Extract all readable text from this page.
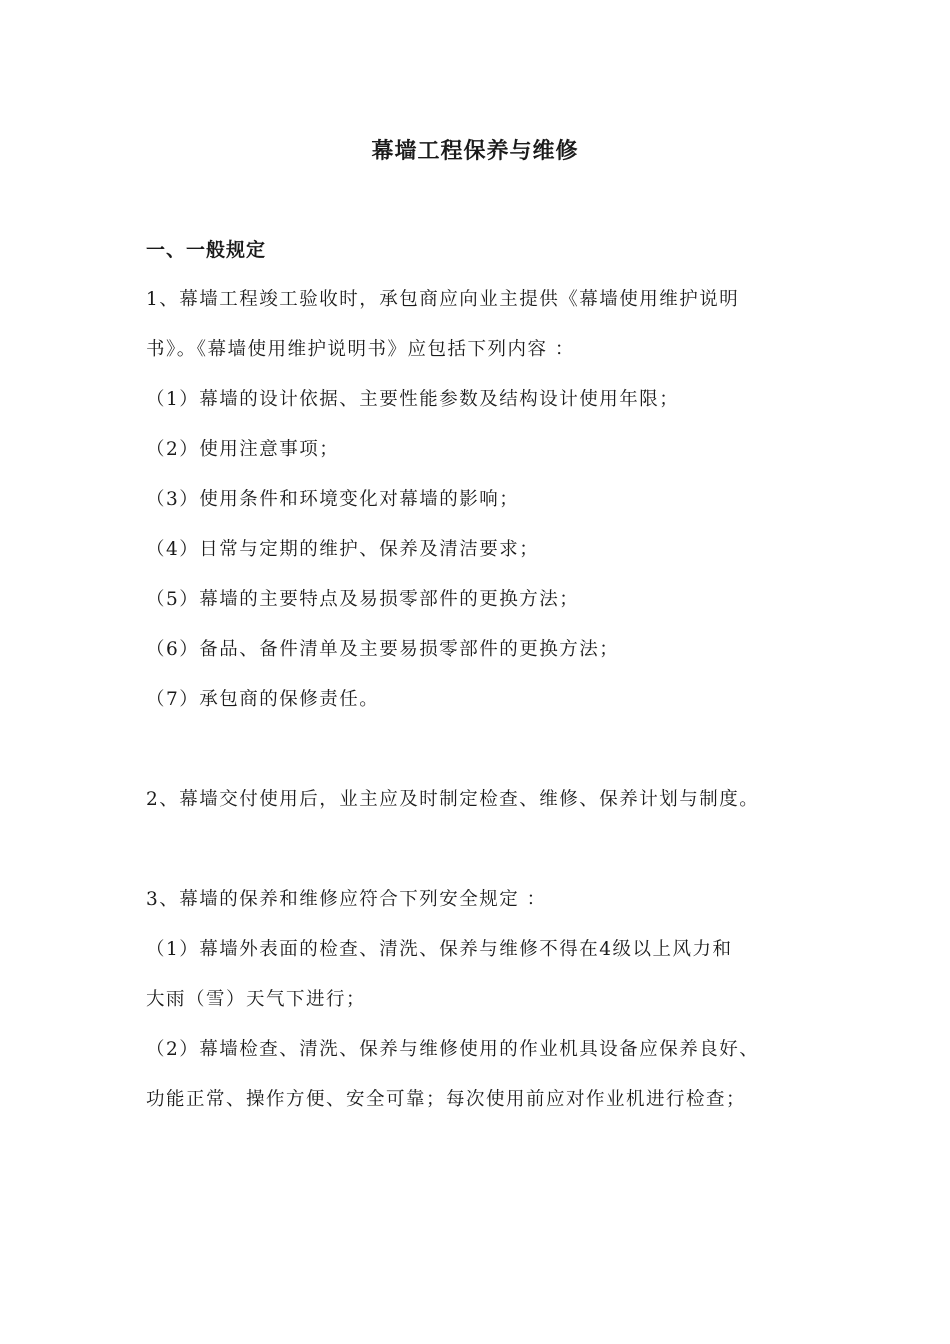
幕墙工程保养与维修
一、一般规定
1、幕墙工程竣工验收时，承包商应向业主提供《幕墙使用维护说明
书》。《幕墙使用维护说明书》应包括下列内容 ：
（1）幕墙的设计依据、主要性能参数及结构设计使用年限；
（2）使用注意事项；
（3）使用条件和环境变化对幕墙的影响；
（4）日常与定期的维护、保养及清洁要求；
（5）幕墙的主要特点及易损零部件的更换方法；
（6）备品、备件清单及主要易损零部件的更换方法；
（7）承包商的保修责任。
2、幕墙交付使用后，业主应及时制定检查、维修、保养计划与制度。
3、幕墙的保养和维修应符合下列安全规定 ：
（1）幕墙外表面的检查、清洗、保养与维修不得在4级以上风力和
大雨（雪）天气下进行；
（2）幕墙检查、清洗、保养与维修使用的作业机具设备应保养良好、
功能正常、操作方便、安全可靠；每次使用前应对作业机进行检查；
